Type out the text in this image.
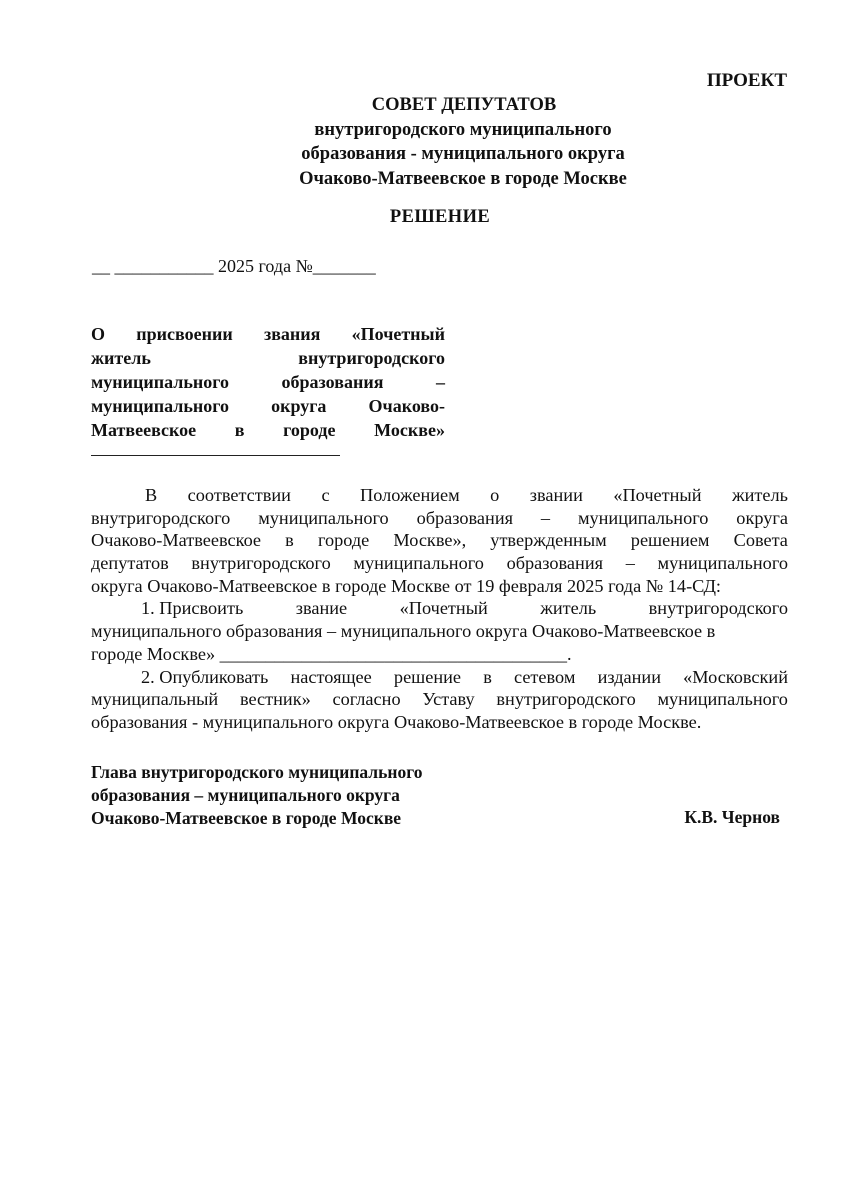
ПРОЕКТ
СОВЕТ ДЕПУТАТОВ
внутригородского муниципального
образования - муниципального округа
Очаково-Матвеевское в городе Москве
РЕШЕНИЕ
__ ___________ 2025 года №_______
О присвоении звания «Почетный
житель	внутригородского
муниципального	образования	–
муниципального округа Очаково-
Матвеевское в городе Москве»
В соответствии с Положением о звании «Почетный житель
внутригородского муниципального образования – муниципального округа
Очаково-Матвеевское в городе Москве», утвержденным решением Совета
депутатов внутригородского муниципального образования – муниципального
округа Очаково-Матвеевское в городе Москве от 19 февраля 2025 года № 14-СД:
1. Присвоить	звание	«Почетный	житель	внутригородского
муниципального образования – муниципального округа Очаково-Матвеевское в
городе Москве» ______________________________________.
2. Опубликовать настоящее решение в сетевом издании «Московский
муниципальный вестник» согласно Уставу внутригородского муниципального
образования - муниципального округа Очаково-Матвеевское в городе Москве.
Глава внутригородского муниципального
образования – муниципального округа
Очаково-Матвеевское в городе Москве	К.В. Чернов
